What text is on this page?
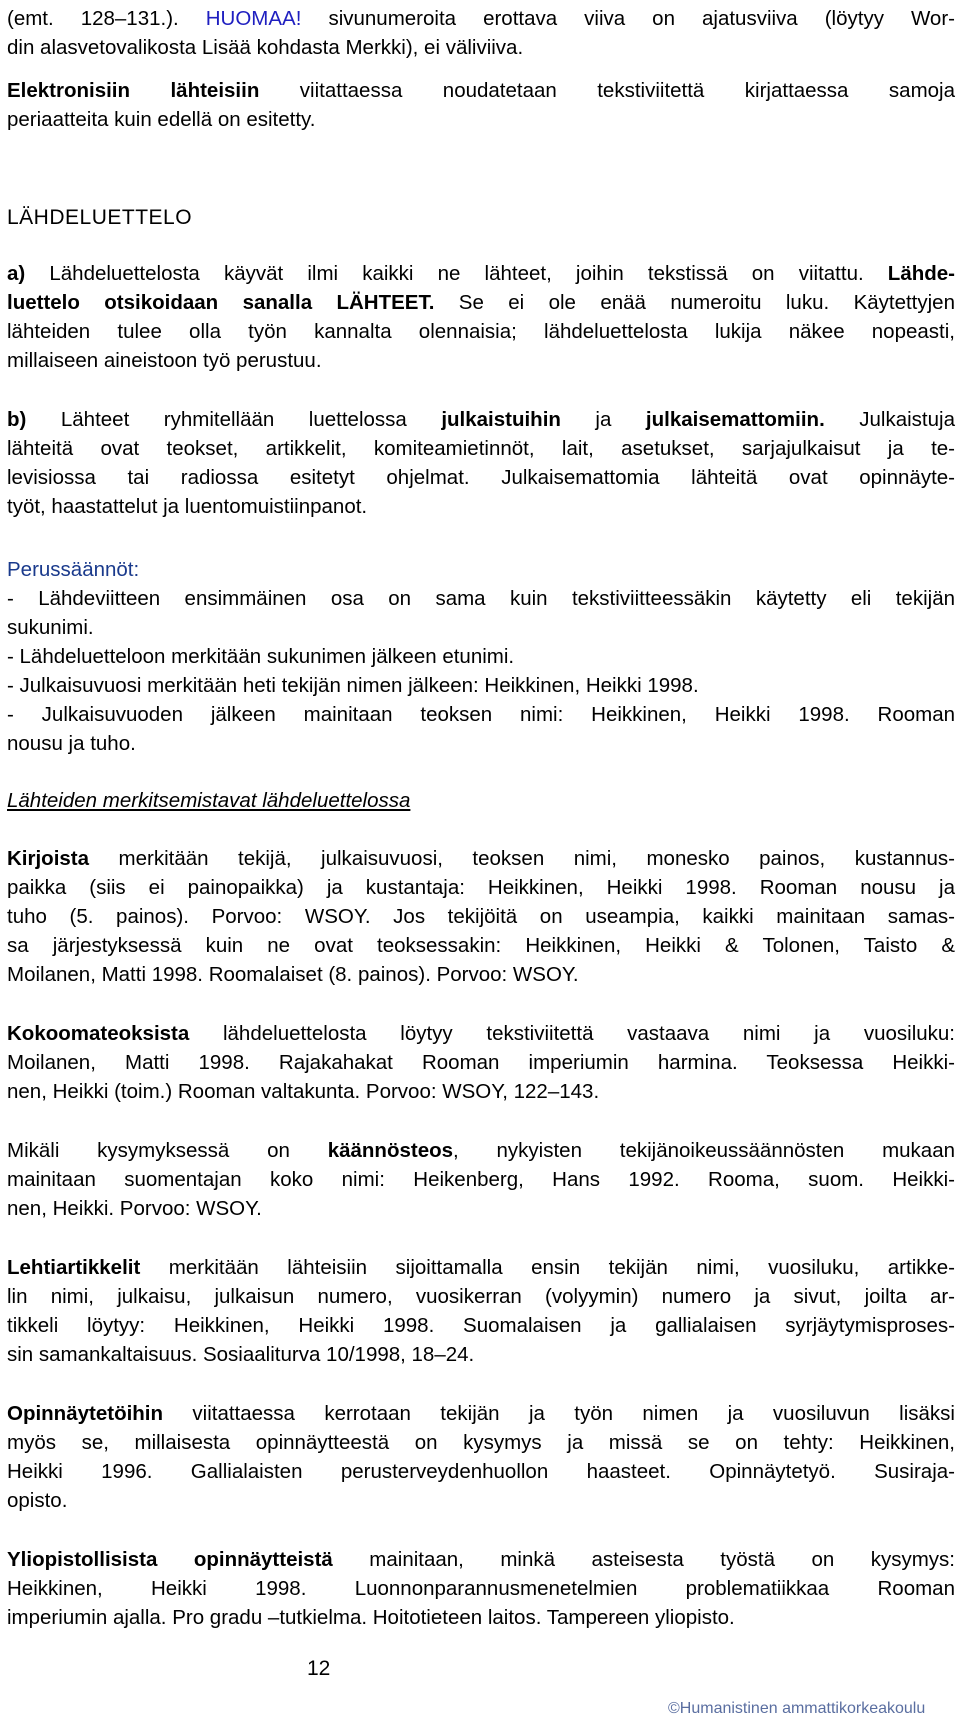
(emt. 128–131.). HUOMAA! sivunumeroita erottava viiva on ajatusviiva (löytyy Wor-
din alasvetovalikosta Lisää kohdasta Merkki), ei väliviiva.
Elektronisiin lähteisiin viitattaessa noudatetaan tekstiviitettä kirjattaessa samoja
periaatteita kuin edellä on esitetty.
LÄHDELUETTELO
a) Lähdeluettelosta käyvät ilmi kaikki ne lähteet, joihin tekstissä on viitattu. Lähde-
luettelo otsikoidaan sanalla LÄHTEET. Se ei ole enää numeroitu luku. Käytettyjen
lähteiden tulee olla työn kannalta olennaisia; lähdeluettelosta lukija näkee nopeasti,
millaiseen aineistoon työ perustuu.
b) Lähteet ryhmitellään luettelossa julkaistuihin ja julkaisemattomiin. Julkaistuja
lähteitä ovat teokset, artikkelit, komiteamietinnöt, lait, asetukset, sarjajulkaisut ja te-
levisiossa tai radiossa esitetyt ohjelmat. Julkaisemattomia lähteitä ovat opinnäyte-
työt, haastattelut ja luentomuistiinpanot.
Perussäännöt:
- Lähdeviitteen ensimmäinen osa on sama kuin tekstiviitteessäkin käytetty eli tekijän
sukunimi.
- Lähdeluetteloon merkitään sukunimen jälkeen etunimi.
- Julkaisuvuosi merkitään heti tekijän nimen jälkeen: Heikkinen, Heikki 1998.
- Julkaisuvuoden jälkeen mainitaan teoksen nimi: Heikkinen, Heikki 1998. Rooman
nousu ja tuho.
Lähteiden merkitsemistavat lähdeluettelossa
Kirjoista merkitään tekijä, julkaisuvuosi, teoksen nimi, monesko painos, kustannus-
paikka (siis ei painopaikka) ja kustantaja: Heikkinen, Heikki 1998. Rooman nousu ja
tuho (5. painos). Porvoo: WSOY. Jos tekijöitä on useampia, kaikki mainitaan samas-
sa järjestyksessä kuin ne ovat teoksessakin: Heikkinen, Heikki & Tolonen, Taisto &
Moilanen, Matti 1998. Roomalaiset (8. painos). Porvoo: WSOY.
Kokoomateoksista lähdeluettelosta löytyy tekstiviitettä vastaava nimi ja vuosiluku:
Moilanen, Matti 1998. Rajakahakat Rooman imperiumin harmina. Teoksessa Heikki-
nen, Heikki (toim.) Rooman valtakunta. Porvoo: WSOY, 122–143.
Mikäli kysymyksessä on käännösteos, nykyisten tekijänoikeussäännösten mukaan
mainitaan suomentajan koko nimi: Heikenberg, Hans 1992. Rooma, suom. Heikki-
nen, Heikki. Porvoo: WSOY.
Lehtiartikkelit merkitään lähteisiin sijoittamalla ensin tekijän nimi, vuosiluku, artikke-
lin nimi, julkaisu, julkaisun numero, vuosikerran (volyymin) numero ja sivut, joilta ar-
tikkeli löytyy: Heikkinen, Heikki 1998. Suomalaisen ja gallialaisen syrjäytymisproses-
sin samankaltaisuus. Sosiaaliturva 10/1998, 18–24.
Opinnäytetöihin viitattaessa kerrotaan tekijän ja työn nimen ja vuosiluvun lisäksi
myös se, millaisesta opinnäytteestä on kysymys ja missä se on tehty: Heikkinen,
Heikki 1996. Gallialaisten perusterveydenhuollon haasteet. Opinnäytetyö. Susiraja-
opisto.
Yliopistollisista opinnäytteistä mainitaan, minkä asteisesta työstä on kysymys:
Heikkinen, Heikki 1998. Luonnonparannusmenetelmien problematiikkaa Rooman
imperiumin ajalla. Pro gradu –tutkielma. Hoitotieteen laitos. Tampereen yliopisto.
12
©Humanistinen ammattikorkeakoulu
